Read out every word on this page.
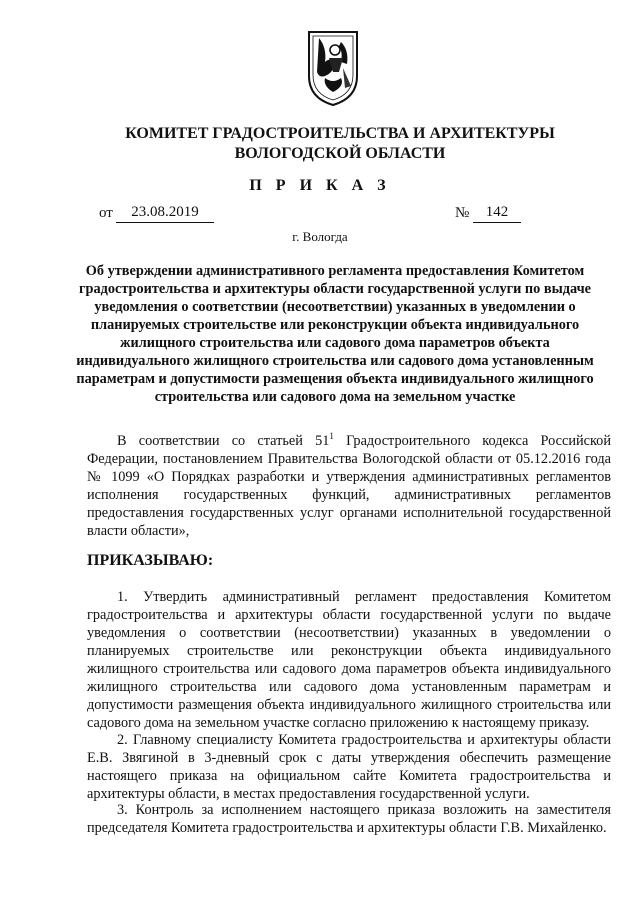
КОМИТЕТ ГРАДОСТРОИТЕЛЬСТВА И АРХИТЕКТУРЫ
ВОЛОГОДСКОЙ ОБЛАСТИ
П Р И К А З
от	23.08.2019	№	142
г. Вологда
Об утверждении административного регламента предоставления Комитетом градостроительства и архитектуры области государственной услуги по выдаче уведомления о соответствии (несоответствии) указанных в уведомлении о планируемых строительстве или реконструкции объекта индивидуального жилищного строительства или садового дома параметров объекта индивидуального жилищного строительства или садового дома установленным параметрам и допустимости размещения объекта индивидуального жилищного строительства или садового дома на земельном участке
В соответствии со статьей $51^1$ Градостроительного кодекса Российской Федерации, постановлением Правительства Вологодской области от 05.12.2016 года № 1099 «О Порядках разработки и утверждения административных регламентов исполнения государственных функций, административных регламентов предоставления государственных услуг органами исполнительной государственной власти области»,
ПРИКАЗЫВАЮ:
1. Утвердить административный регламент предоставления Комитетом градостроительства и архитектуры области государственной услуги по выдаче уведомления о соответствии (несоответствии) указанных в уведомлении о планируемых строительстве или реконструкции объекта индивидуального жилищного строительства или садового дома параметров объекта индивидуального жилищного строительства или садового дома установленным параметрам и допустимости размещения объекта индивидуального жилищного строительства или садового дома на земельном участке согласно приложению к настоящему приказу.
2. Главному специалисту Комитета градостроительства и архитектуры области Е.В. Звягиной в 3-дневный срок с даты утверждения обеспечить размещение настоящего приказа на официальном сайте Комитета градостроительства и архитектуры области, в местах предоставления государственной услуги.
3. Контроль за исполнением настоящего приказа возложить на заместителя председателя Комитета градостроительства и архитектуры области Г.В. Михайленко.
